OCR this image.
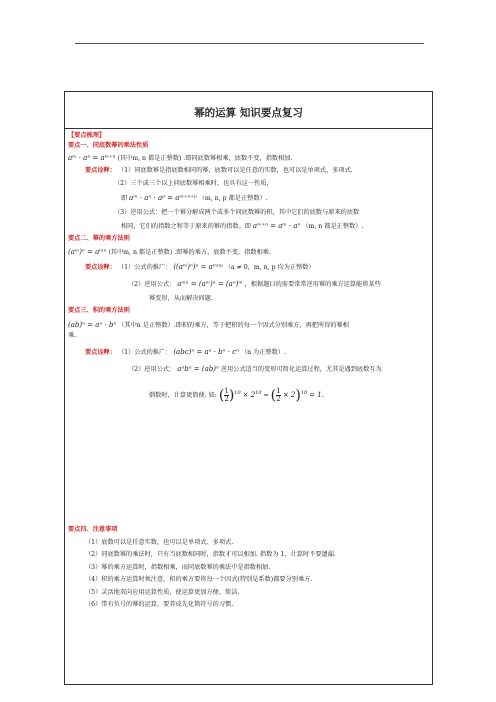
幂的运算 知识要点复习
【要点梳理】
要点一、同底数幂的乘法性质
aᵐ · aⁿ = aᵐ⁺ⁿ (其中m, n 都是正整数) .即同底数幂相乘，底数不变，指数相加.
要点诠释： （1）同底数幂是指底数相同的幂，底数可以是任意的实数，也可以是单项式、多项式.
（2）三个或三个以上同底数幂相乘时，也具有这一性质，
即 aᵐ · aⁿ · aᵖ = aᵐ⁺ⁿ⁺ᵖ （m, n, p 都是正整数）.
（3）逆用公式：把一个幂分解成两个或多个同底数幂的积，其中它们的底数与原来的底数
相同，它们的指数之和等于原来的幂的指数。即 aᵐ⁺ⁿ = aᵐ · aⁿ （m, n 都是正整数）.
要点二、幂的乘方法则
(aᵐ)ⁿ = aᵐⁿ (其中m, n 都是正整数) .即幂的乘方，底数不变，指数相乘.
要点诠释： （1）公式的推广： ((aᵐ)ⁿ)ᵖ = aᵐⁿᵖ （a ≠ 0，m, n, p 均为正整数）
（2）逆用公式： aᵐⁿ = (aᵐ)ⁿ = (aⁿ)ᵐ ，根据题目的需要常常逆用幂的乘方运算能将某些
幂变形，从而解决问题.
要点三、积的乘方法则
(ab)ⁿ = aⁿ · bⁿ （其中n 是正整数）.即积的乘方，等于把积的每一个因式分别乘方，再把所得的幂相
乘.
要点诠释： （1）公式的推广： (abc)ⁿ = aⁿ · bⁿ · cⁿ （n 为正整数）.
（2）逆用公式： aⁿbⁿ = (ab)ⁿ 逆用公式适当的变形可简化运算过程，尤其是遇到底数互为
倒数时，计算更简便. 如: ( $\frac{1}{2} )^{10} \times 2^{10}$ = ( $\frac{1}{2} \times 2)^{10} = 1$.
要点四、注意事项
（1）底数可以是任意实数，也可以是单项式、多项式.
（2）同底数幂的乘法时，只有当底数相同时，指数才可以相加. 指数为 1，计算时不要遗漏.
（3）幂的乘方运算时，指数相乘，而同底数幂的乘法中是指数相加.
（4）积的乘方运算时须注意，积的乘方要将每一个因式(特别是系数)都要分别乘方.
（5）灵活地双向应用运算性质，使运算更加方便、简洁.
（6）带有负号的幂的运算，要养成先化简符号的习惯.
